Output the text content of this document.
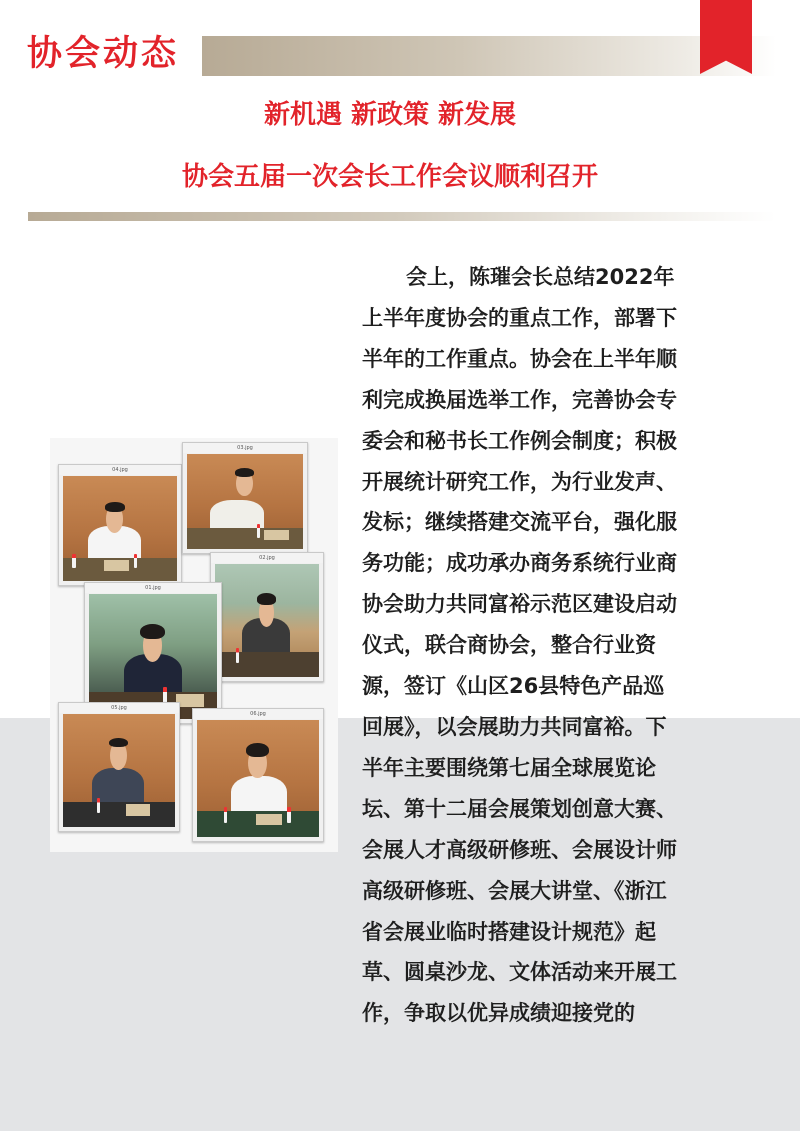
协会动态
新机遇 新政策 新发展
协会五届一次会长工作会议顺利召开
04.jpg
03.jpg
02.jpg
01.jpg
05.jpg
06.jpg
会上，陈璀会长总结2022年
上半年度协会的重点工作，部署下
半年的工作重点。协会在上半年顺
利完成换届选举工作，完善协会专
委会和秘书长工作例会制度；积极
开展统计研究工作，为行业发声、
发标；继续搭建交流平台，强化服
务功能；成功承办商务系统行业商
协会助力共同富裕示范区建设启动
仪式，联合商协会，整合行业资
源，签订《山区26县特色产品巡
回展》，以会展助力共同富裕。下
半年主要围绕第七届全球展览论
坛、第十二届会展策划创意大赛、
会展人才高级研修班、会展设计师
高级研修班、会展大讲堂、《浙江
省会展业临时搭建设计规范》起
草、圆桌沙龙、文体活动来开展工
作，争取以优异成绩迎接党的
